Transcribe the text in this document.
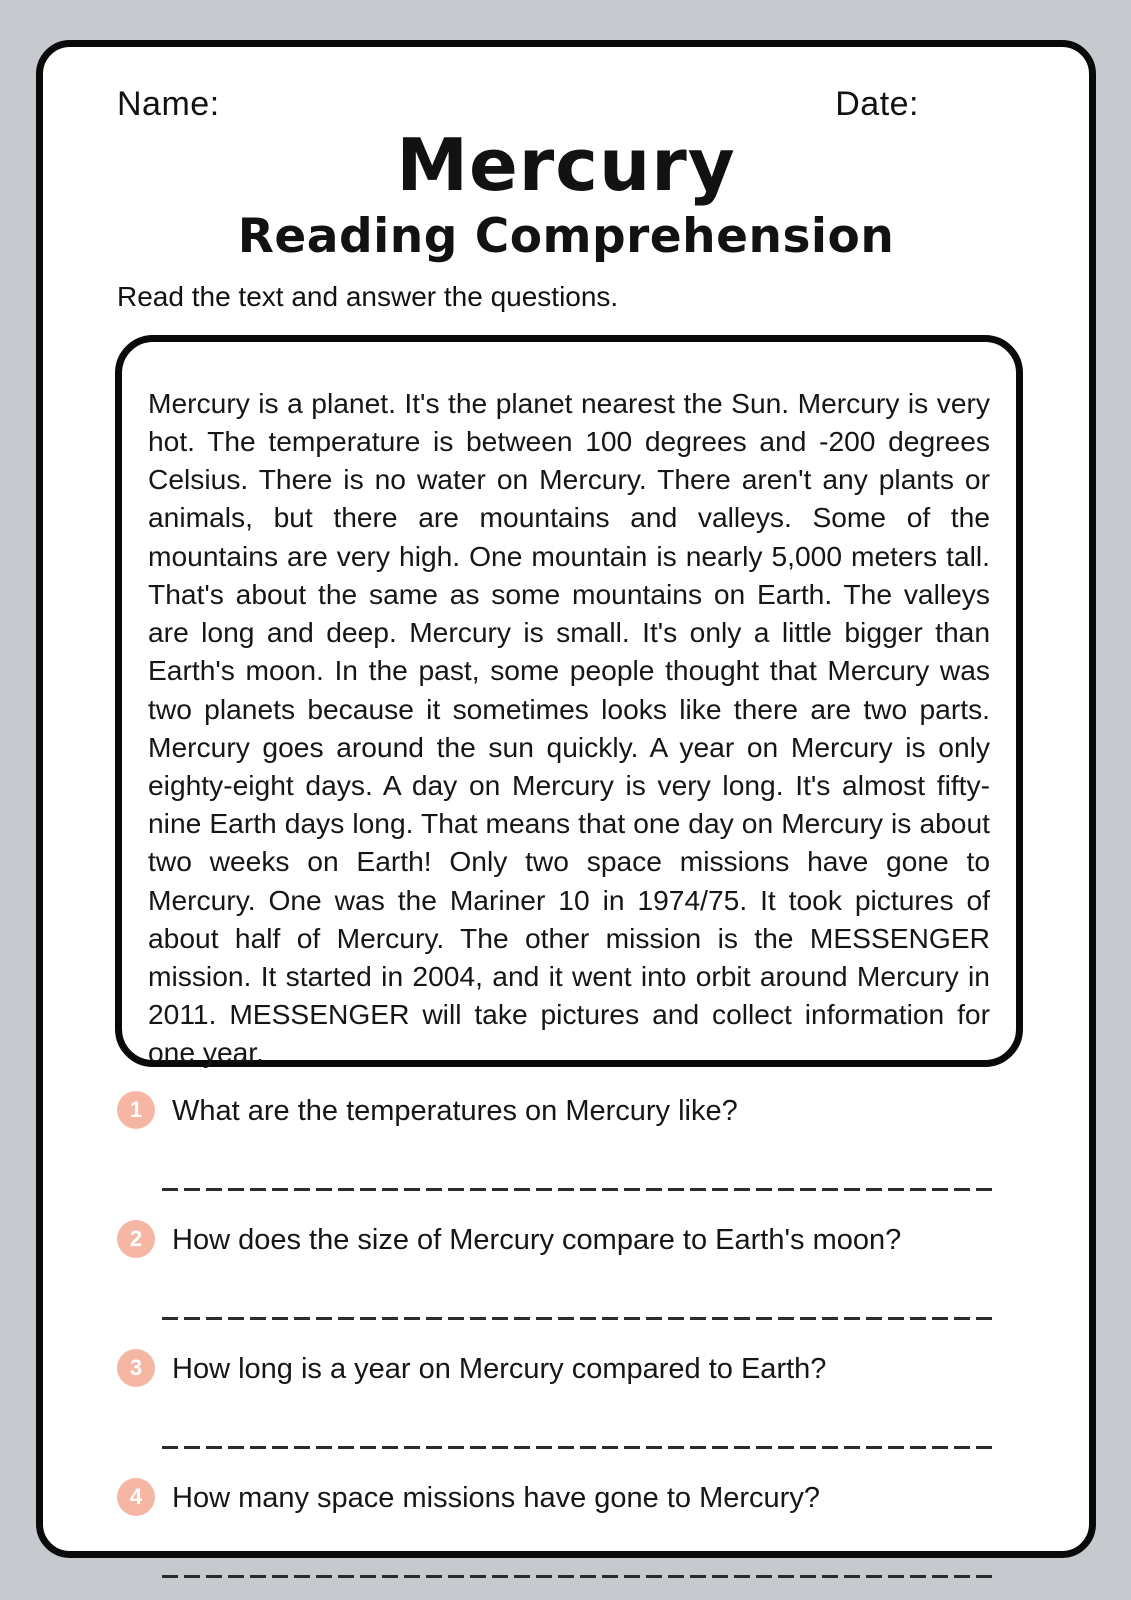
Name:	Date:
Mercury
Reading Comprehension
Read the text and answer the questions.
Mercury is a planet. It's the planet nearest the Sun. Mercury is very hot. The temperature is between 100 degrees and -200 degrees Celsius. There is no water on Mercury. There aren't any plants or animals, but there are mountains and valleys. Some of the mountains are very high. One mountain is nearly 5,000 meters tall. That's about the same as some mountains on Earth. The valleys are long and deep. Mercury is small. It's only a little bigger than Earth's moon. In the past, some people thought that Mercury was two planets because it sometimes looks like there are two parts. Mercury goes around the sun quickly. A year on Mercury is only eighty-eight days. A day on Mercury is very long. It's almost fifty-nine Earth days long. That means that one day on Mercury is about two weeks on Earth! Only two space missions have gone to Mercury. One was the Mariner 10 in 1974/75. It took pictures of about half of Mercury. The other mission is the MESSENGER mission. It started in 2004, and it went into orbit around Mercury in 2011. MESSENGER will take pictures and collect information for one year.
1	What are the temperatures on Mercury like?
2	How does the size of Mercury compare to Earth's moon?
3	How long is a year on Mercury compared to Earth?
4	How many space missions have gone to Mercury?
